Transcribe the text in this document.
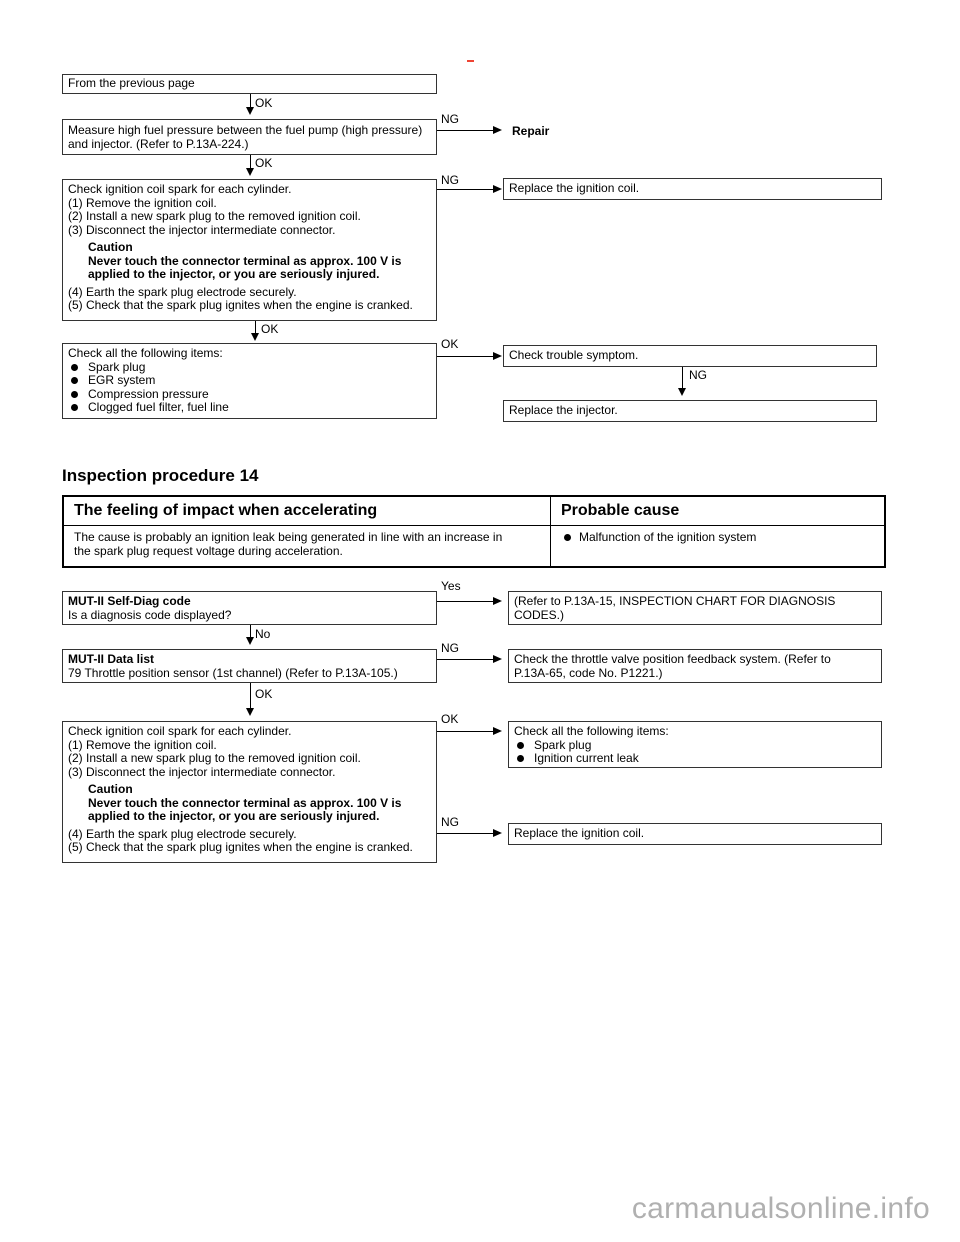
From the previous page
OK
Measure high fuel pressure between the fuel pump (high pressure)
and injector. (Refer to P.13A-224.)
NG
Repair
OK
Check ignition coil spark for each cylinder.
(1) Remove the ignition coil.
(2) Install a new spark plug to the removed ignition coil.
(3) Disconnect the injector intermediate connector.
Caution
Never touch the connector terminal as approx. 100 V is
applied to the injector, or you are seriously injured.
(4) Earth the spark plug electrode securely.
(5) Check that the spark plug ignites when the engine is cranked.
NG
Replace the ignition coil.
OK
Check all the following items:
Spark plug
EGR system
Compression pressure
Clogged fuel filter, fuel line
OK
Check trouble symptom.
NG
Replace the injector.
Inspection procedure 14
The feeling of impact when accelerating	Probable cause

The cause is probably an ignition leak being generated in line with an increase in
the spark plug request voltage during acceleration.	Malfunction of the ignition system
MUT-II Self-Diag code
Is a diagnosis code displayed?
Yes
(Refer to P.13A-15, INSPECTION CHART FOR DIAGNOSIS
CODES.)
No
MUT-II Data list
79 Throttle position sensor (1st channel) (Refer to P.13A-105.)
NG
Check the throttle valve position feedback system. (Refer to
P.13A-65, code No. P1221.)
OK
Check ignition coil spark for each cylinder.
(1) Remove the ignition coil.
(2) Install a new spark plug to the removed ignition coil.
(3) Disconnect the injector intermediate connector.
Caution
Never touch the connector terminal as approx. 100 V is
applied to the injector, or you are seriously injured.
(4) Earth the spark plug electrode securely.
(5) Check that the spark plug ignites when the engine is cranked.
OK
Check all the following items:
Spark plug
Ignition current leak
NG
Replace the ignition coil.
carmanualsonline.info
